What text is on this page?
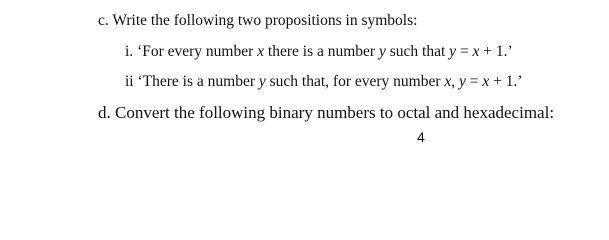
c. Write the following two propositions in symbols:
i. ‘For every number x there is a number y such that y = x + 1.’
ii ‘There is a number y such that, for every number x, y = x + 1.’
d. Convert the following binary numbers to octal and hexadecimal:
4
